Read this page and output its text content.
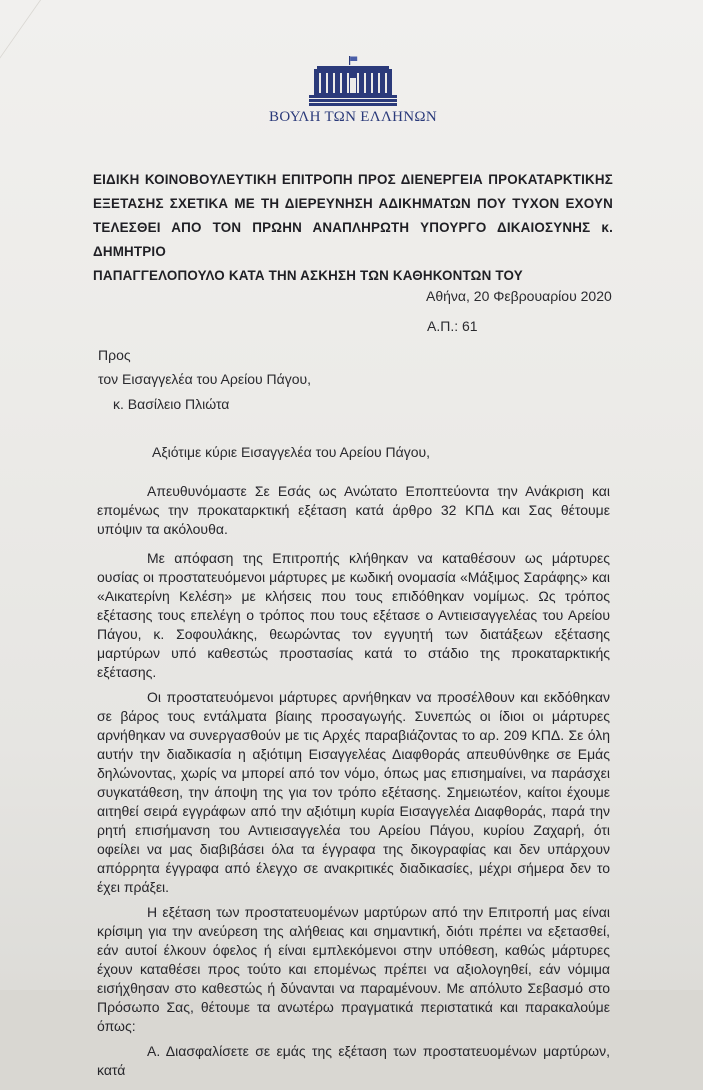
ΒΟΥΛΗ ΤΩΝ ΕΛΛΗΝΩΝ
ΕΙΔΙΚΗ ΚΟΙΝΟΒΟΥΛΕΥΤΙΚΗ ΕΠΙΤΡΟΠΗ ΠΡΟΣ ΔΙΕΝΕΡΓΕΙΑ ΠΡΟΚΑΤΑΡΚΤΙΚΗΣ
ΕΞΕΤΑΣΗΣ ΣΧΕΤΙΚΑ ΜΕ ΤΗ ΔΙΕΡΕΥΝΗΣΗ ΑΔΙΚΗΜΑΤΩΝ ΠΟΥ ΤΥΧΟΝ ΕΧΟΥΝ
ΤΕΛΕΣΘΕΙ ΑΠΟ ΤΟΝ ΠΡΩΗΝ ΑΝΑΠΛΗΡΩΤΗ ΥΠΟΥΡΓΟ ΔΙΚΑΙΟΣΥΝΗΣ κ. ΔΗΜΗΤΡΙΟ
ΠΑΠΑΓΓΕΛΟΠΟΥΛΟ ΚΑΤΑ ΤΗΝ ΑΣΚΗΣΗ ΤΩΝ ΚΑΘΗΚΟΝΤΩΝ ΤΟΥ
Αθήνα, 20 Φεβρουαρίου 2020
Α.Π.: 61
Προς
τον Εισαγγελέα του Αρείου Πάγου,
κ. Βασίλειο Πλιώτα
Αξιότιμε κύριε Εισαγγελέα του Αρείου Πάγου,

Απευθυνόμαστε Σε Εσάς ως Ανώτατο Εποπτεύοντα την Ανάκριση και επομένως την προκαταρκτική εξέταση κατά άρθρο 32 ΚΠΔ και Σας θέτουμε υπόψιν τα ακόλουθα.

Με απόφαση της Επιτροπής κλήθηκαν να καταθέσουν ως μάρτυρες ουσίας οι προστατευόμενοι μάρτυρες με κωδική ονομασία «Μάξιμος Σαράφης» και «Αικατερίνη Κελέση» με κλήσεις που τους επιδόθηκαν νομίμως. Ως τρόπος εξέτασης τους επελέγη ο τρόπος που τους εξέτασε ο Αντιεισαγγελέας του Αρείου Πάγου, κ. Σοφουλάκης, θεωρώντας τον εγγυητή των διατάξεων εξέτασης μαρτύρων υπό καθεστώς προστασίας κατά το στάδιο της προκαταρκτικής εξέτασης.

Οι προστατευόμενοι μάρτυρες αρνήθηκαν να προσέλθουν και εκδόθηκαν σε βάρος τους εντάλματα βίαιης προσαγωγής. Συνεπώς οι ίδιοι οι μάρτυρες αρνήθηκαν να συνεργασθούν με τις Αρχές παραβιάζοντας το αρ. 209 ΚΠΔ. Σε όλη αυτήν την διαδικασία η αξιότιμη Εισαγγελέας Διαφθοράς απευθύνθηκε σε Εμάς δηλώνοντας, χωρίς να μπορεί από τον νόμο, όπως μας επισημαίνει, να παράσχει συγκατάθεση, την άποψη της για τον τρόπο εξέτασης. Σημειωτέον, καίτοι έχουμε αιτηθεί σειρά εγγράφων από την αξιότιμη κυρία Εισαγγελέα Διαφθοράς, παρά την ρητή επισήμανση του Αντιεισαγγελέα του Αρείου Πάγου, κυρίου Ζαχαρή, ότι οφείλει να μας διαβιβάσει όλα τα έγγραφα της δικογραφίας και δεν υπάρχουν απόρρητα έγγραφα από έλεγχο σε ανακριτικές διαδικασίες, μέχρι σήμερα δεν το έχει πράξει.

Η εξέταση των προστατευομένων μαρτύρων από την Επιτροπή μας είναι κρίσιμη για την ανεύρεση της αλήθειας και σημαντική, διότι πρέπει να εξετασθεί, εάν αυτοί έλκουν όφελος ή είναι εμπλεκόμενοι στην υπόθεση, καθώς μάρτυρες έχουν καταθέσει προς τούτο και επομένως πρέπει να αξιολογηθεί, εάν νόμιμα εισήχθησαν στο καθεστώς ή δύνανται να παραμένουν. Με απόλυτο Σεβασμό στο Πρόσωπο Σας, θέτουμε τα ανωτέρω πραγματικά περιστατικά και παρακαλούμε όπως:

Α. Διασφαλίσετε σε εμάς της εξέταση των προστατευομένων μαρτύρων, κατά
